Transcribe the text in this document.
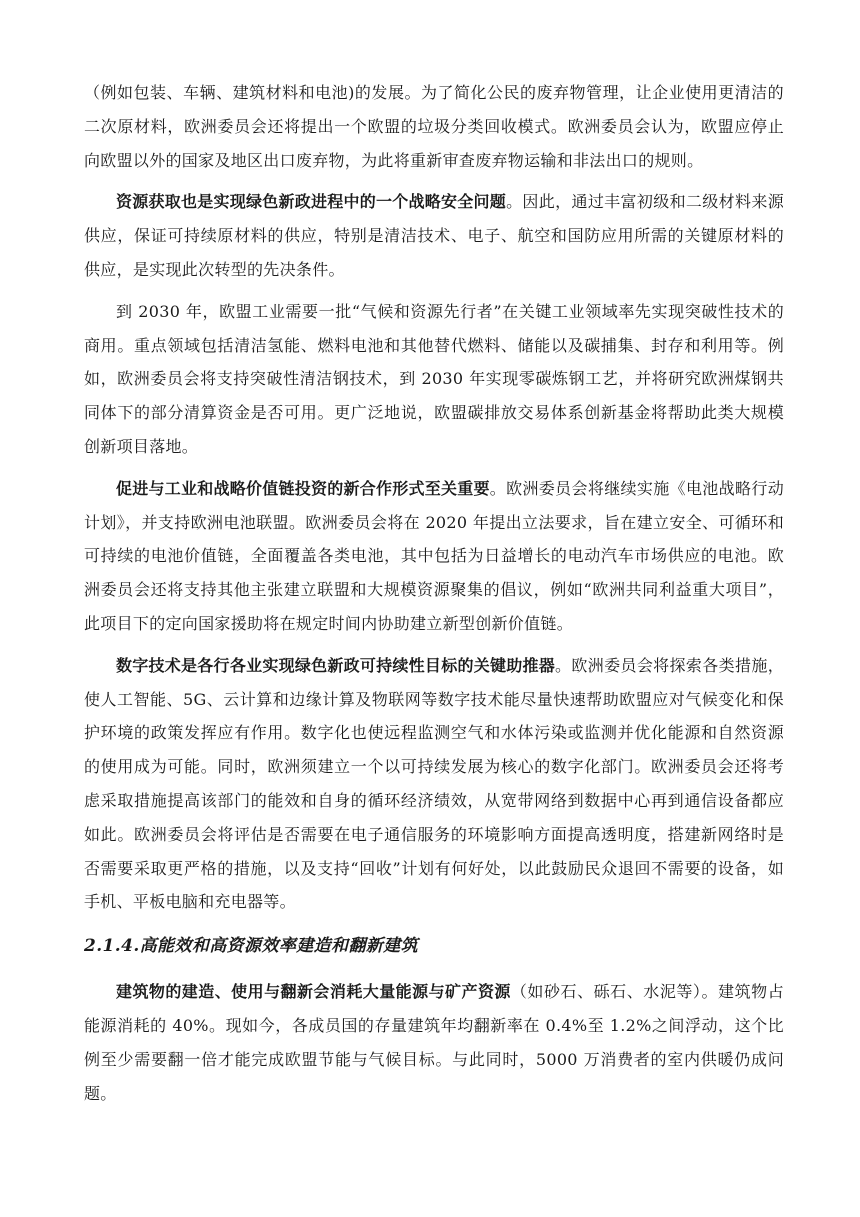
（例如包装、车辆、建筑材料和电池)的发展。为了简化公民的废弃物管理，让企业使用更清洁的二次原材料，欧洲委员会还将提出一个欧盟的垃圾分类回收模式。欧洲委员会认为，欧盟应停止向欧盟以外的国家及地区出口废弃物，为此将重新审查废弃物运输和非法出口的规则。

资源获取也是实现绿色新政进程中的一个战略安全问题。因此，通过丰富初级和二级材料来源供应，保证可持续原材料的供应，特别是清洁技术、电子、航空和国防应用所需的关键原材料的供应，是实现此次转型的先决条件。

到 2030 年，欧盟工业需要一批“气候和资源先行者”在关键工业领域率先实现突破性技术的商用。重点领域包括清洁氢能、燃料电池和其他替代燃料、储能以及碳捕集、封存和利用等。例如，欧洲委员会将支持突破性清洁钢技术，到 2030 年实现零碳炼钢工艺，并将研究欧洲煤钢共同体下的部分清算资金是否可用。更广泛地说，欧盟碳排放交易体系创新基金将帮助此类大规模创新项目落地。

促进与工业和战略价值链投资的新合作形式至关重要。欧洲委员会将继续实施《电池战略行动计划》，并支持欧洲电池联盟。欧洲委员会将在 2020 年提出立法要求，旨在建立安全、可循环和可持续的电池价值链，全面覆盖各类电池，其中包括为日益增长的电动汽车市场供应的电池。欧洲委员会还将支持其他主张建立联盟和大规模资源聚集的倡议，例如“欧洲共同利益重大项目”，此项目下的定向国家援助将在规定时间内协助建立新型创新价值链。

数字技术是各行各业实现绿色新政可持续性目标的关键助推器。欧洲委员会将探索各类措施，使人工智能、5G、云计算和边缘计算及物联网等数字技术能尽量快速帮助欧盟应对气候变化和保护环境的政策发挥应有作用。数字化也使远程监测空气和水体污染或监测并优化能源和自然资源的使用成为可能。同时，欧洲须建立一个以可持续发展为核心的数字化部门。欧洲委员会还将考虑采取措施提高该部门的能效和自身的循环经济绩效，从宽带网络到数据中心再到通信设备都应如此。欧洲委员会将评估是否需要在电子通信服务的环境影响方面提高透明度，搭建新网络时是否需要采取更严格的措施，以及支持“回收”计划有何好处，以此鼓励民众退回不需要的设备，如手机、平板电脑和充电器等。

2.1.4.高能效和高资源效率建造和翻新建筑

建筑物的建造、使用与翻新会消耗大量能源与矿产资源（如砂石、砾石、水泥等）。建筑物占能源消耗的 40%。现如今，各成员国的存量建筑年均翻新率在 0.4%至 1.2%之间浮动，这个比例至少需要翻一倍才能完成欧盟节能与气候目标。与此同时，5000 万消费者的室内供暖仍成问题。
